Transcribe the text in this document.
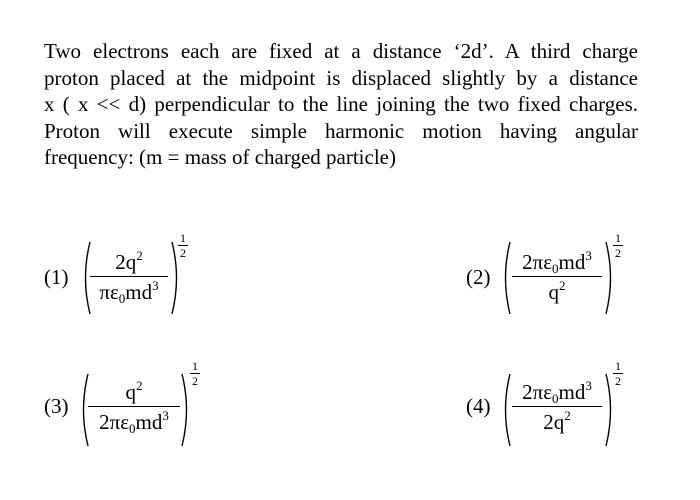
Two electrons each are fixed at a distance ‘2d’. A third charge
proton placed at the midpoint is displaced slightly by a distance
x ( x << d) perpendicular to the line joining the two fixed charges.
Proton will execute simple harmonic motion having angular
frequency: (m = mass of charged particle)
(1)
$2q^2$
$\pi\varepsilon_0md^3$
1
2
(2)
$2\pi\varepsilon_0md^3$
$q^2$
1
2
(3)
$q^2$
$2\pi\varepsilon_0md^3$
1
2
(4)
$2\pi\varepsilon_0md^3$
$2q^2$
1
2
